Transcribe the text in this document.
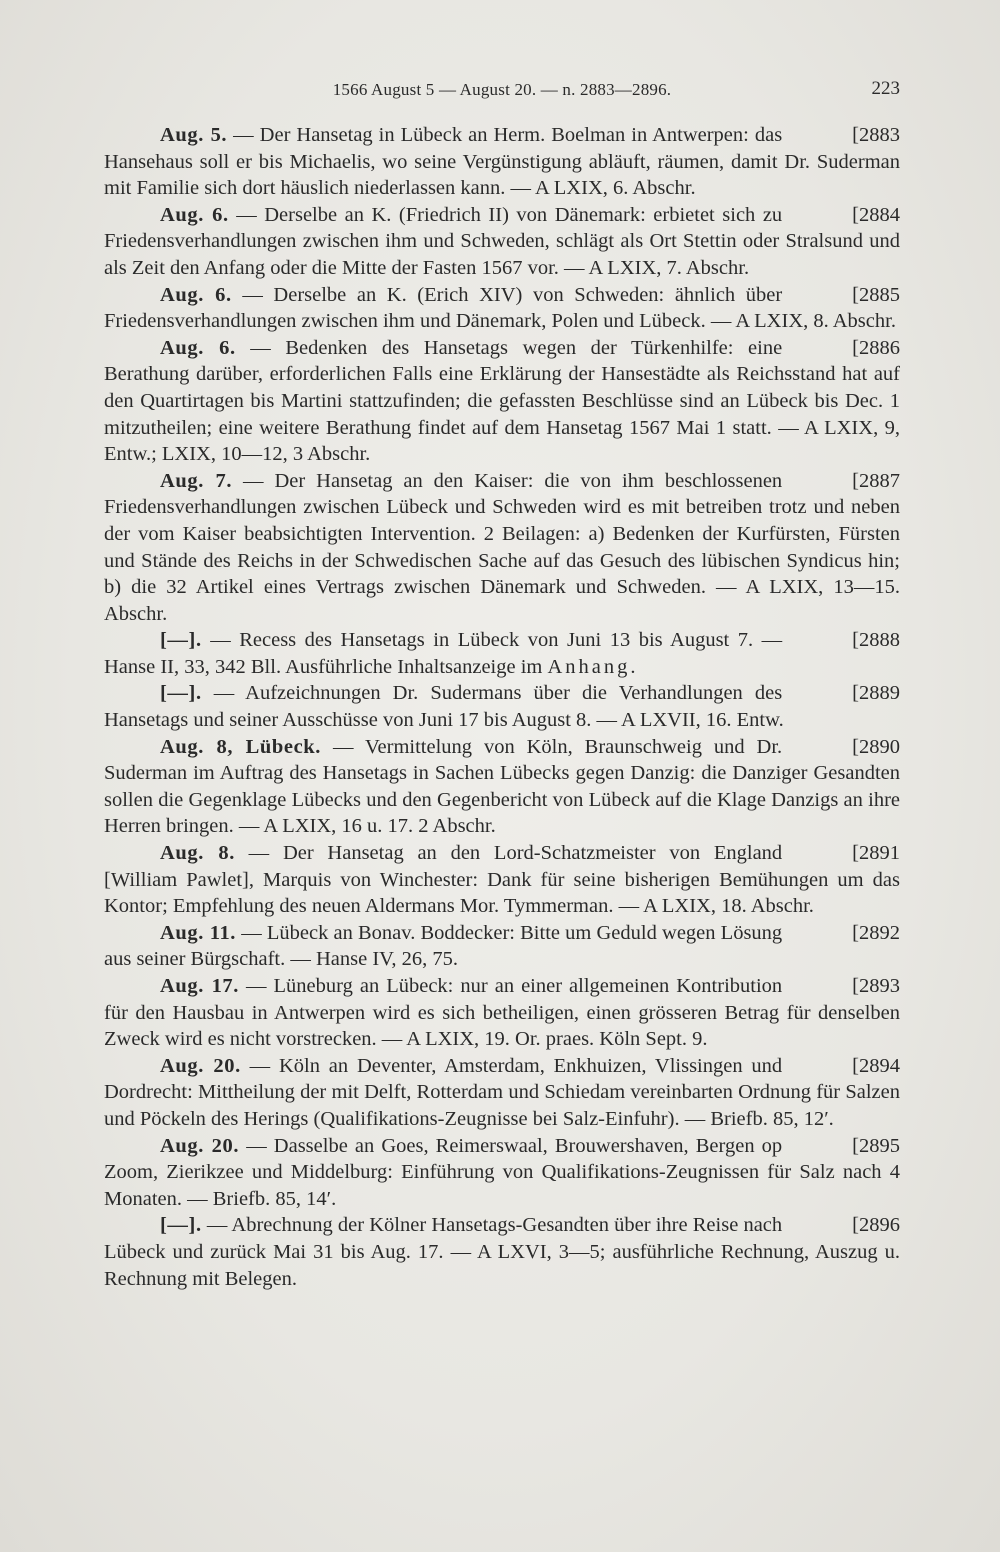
1566 August 5 — August 20. — n. 2883—2896.	223

[2883
Aug. 5. — Der Hansetag in Lübeck an Herm. Boelman in Antwerpen: das Hansehaus soll er bis Michaelis, wo seine Vergünstigung abläuft, räumen, damit Dr. Suderman mit Familie sich dort häuslich niederlassen kann. — A LXIX, 6. Abschr.

[2884
Aug. 6. — Derselbe an K. (Friedrich II) von Dänemark: erbietet sich zu Friedensverhandlungen zwischen ihm und Schweden, schlägt als Ort Stettin oder Stralsund und als Zeit den Anfang oder die Mitte der Fasten 1567 vor. — A LXIX, 7. Abschr.

[2885
Aug. 6. — Derselbe an K. (Erich XIV) von Schweden: ähnlich über Friedensverhandlungen zwischen ihm und Dänemark, Polen und Lübeck. — A LXIX, 8. Abschr.

[2886
Aug. 6. — Bedenken des Hansetags wegen der Türkenhilfe: eine Berathung darüber, erforderlichen Falls eine Erklärung der Hansestädte als Reichsstand hat auf den Quartirtagen bis Martini stattzufinden; die gefassten Beschlüsse sind an Lübeck bis Dec. 1 mitzutheilen; eine weitere Berathung findet auf dem Hansetag 1567 Mai 1 statt. — A LXIX, 9, Entw.; LXIX, 10—12, 3 Abschr.

[2887
Aug. 7. — Der Hansetag an den Kaiser: die von ihm beschlossenen Friedensverhandlungen zwischen Lübeck und Schweden wird es mit betreiben trotz und neben der vom Kaiser beabsichtigten Intervention. 2 Beilagen: a) Bedenken der Kurfürsten, Fürsten und Stände des Reichs in der Schwedischen Sache auf das Gesuch des lübischen Syndicus hin; b) die 32 Artikel eines Vertrags zwischen Dänemark und Schweden. — A LXIX, 13—15. Abschr.

[2888
[—]. — Recess des Hansetags in Lübeck von Juni 13 bis August 7. — Hanse II, 33, 342 Bll. Ausführliche Inhaltsanzeige im Anhang.

[2889
[—]. — Aufzeichnungen Dr. Sudermans über die Verhandlungen des Hansetags und seiner Ausschüsse von Juni 17 bis August 8. — A LXVII, 16. Entw.

[2890
Aug. 8, Lübeck. — Vermittelung von Köln, Braunschweig und Dr. Suderman im Auftrag des Hansetags in Sachen Lübecks gegen Danzig: die Danziger Gesandten sollen die Gegenklage Lübecks und den Gegenbericht von Lübeck auf die Klage Danzigs an ihre Herren bringen. — A LXIX, 16 u. 17. 2 Abschr.

[2891
Aug. 8. — Der Hansetag an den Lord-Schatzmeister von England [William Pawlet], Marquis von Winchester: Dank für seine bisherigen Bemühungen um das Kontor; Empfehlung des neuen Aldermans Mor. Tymmerman. — A LXIX, 18. Abschr.

[2892
Aug. 11. — Lübeck an Bonav. Boddecker: Bitte um Geduld wegen Lösung aus seiner Bürgschaft. — Hanse IV, 26, 75.

[2893
Aug. 17. — Lüneburg an Lübeck: nur an einer allgemeinen Kontribution für den Hausbau in Antwerpen wird es sich betheiligen, einen grösseren Betrag für denselben Zweck wird es nicht vorstrecken. — A LXIX, 19. Or. praes. Köln Sept. 9.

[2894
Aug. 20. — Köln an Deventer, Amsterdam, Enkhuizen, Vlissingen und Dordrecht: Mittheilung der mit Delft, Rotterdam und Schiedam vereinbarten Ordnung für Salzen und Pöckeln des Herings (Qualifikations-Zeugnisse bei Salz-Einfuhr). — Briefb. 85, 12′.

[2895
Aug. 20. — Dasselbe an Goes, Reimerswaal, Brouwershaven, Bergen op Zoom, Zierikzee und Middelburg: Einführung von Qualifikations-Zeugnissen für Salz nach 4 Monaten. — Briefb. 85, 14′.

[2896
[—]. — Abrechnung der Kölner Hansetags-Gesandten über ihre Reise nach Lübeck und zurück Mai 31 bis Aug. 17. — A LXVI, 3—5; ausführliche Rechnung, Auszug u. Rechnung mit Belegen.
